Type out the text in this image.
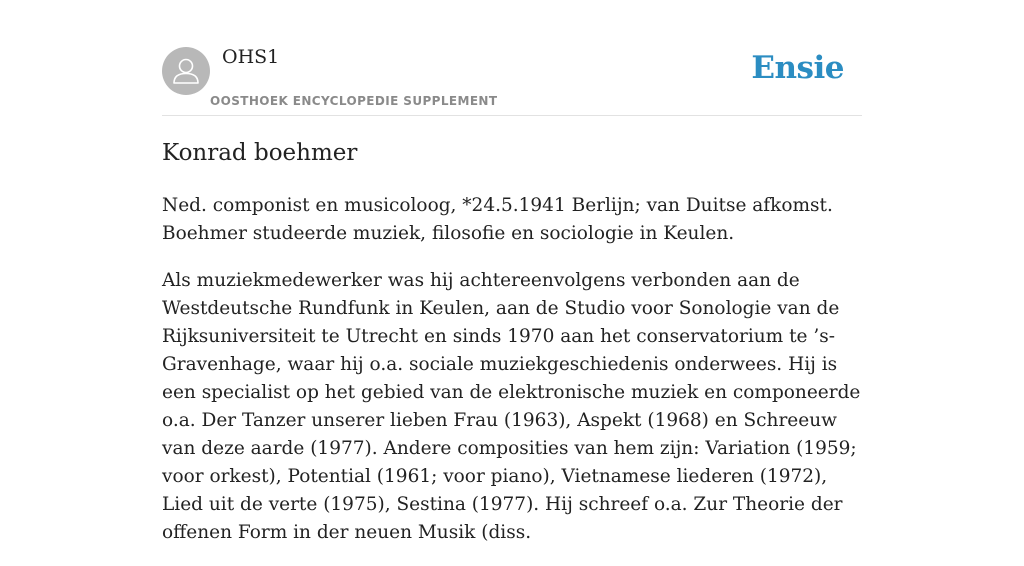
OHS1
OOSTHOEK ENCYCLOPEDIE SUPPLEMENT
Ensie
Konrad boehmer

Ned. componist en musicoloog, *24.5.1941 Berlijn; van Duitse afkomst. Boehmer studeerde muziek, filosofie en sociologie in Keulen.

Als muziekmedewerker was hij achtereenvolgens verbonden aan de Westdeutsche Rundfunk in Keulen, aan de Studio voor Sonologie van de Rijksuniversiteit te Utrecht en sinds 1970 aan het conservatorium te ’s-Gravenhage, waar hij o.a. sociale muziekgeschiedenis onderwees. Hij is een specialist op het gebied van de elektronische muziek en componeerde o.a. Der Tanzer unserer lieben Frau (1963), Aspekt (1968) en Schreeuw van deze aarde (1977). Andere composities van hem zijn: Variation (1959; voor orkest), Potential (1961; voor piano), Vietnamese liederen (1972), Lied uit de verte (1975), Sestina (1977). Hij schreef o.a. Zur Theorie der offenen Form in der neuen Musik (diss.
